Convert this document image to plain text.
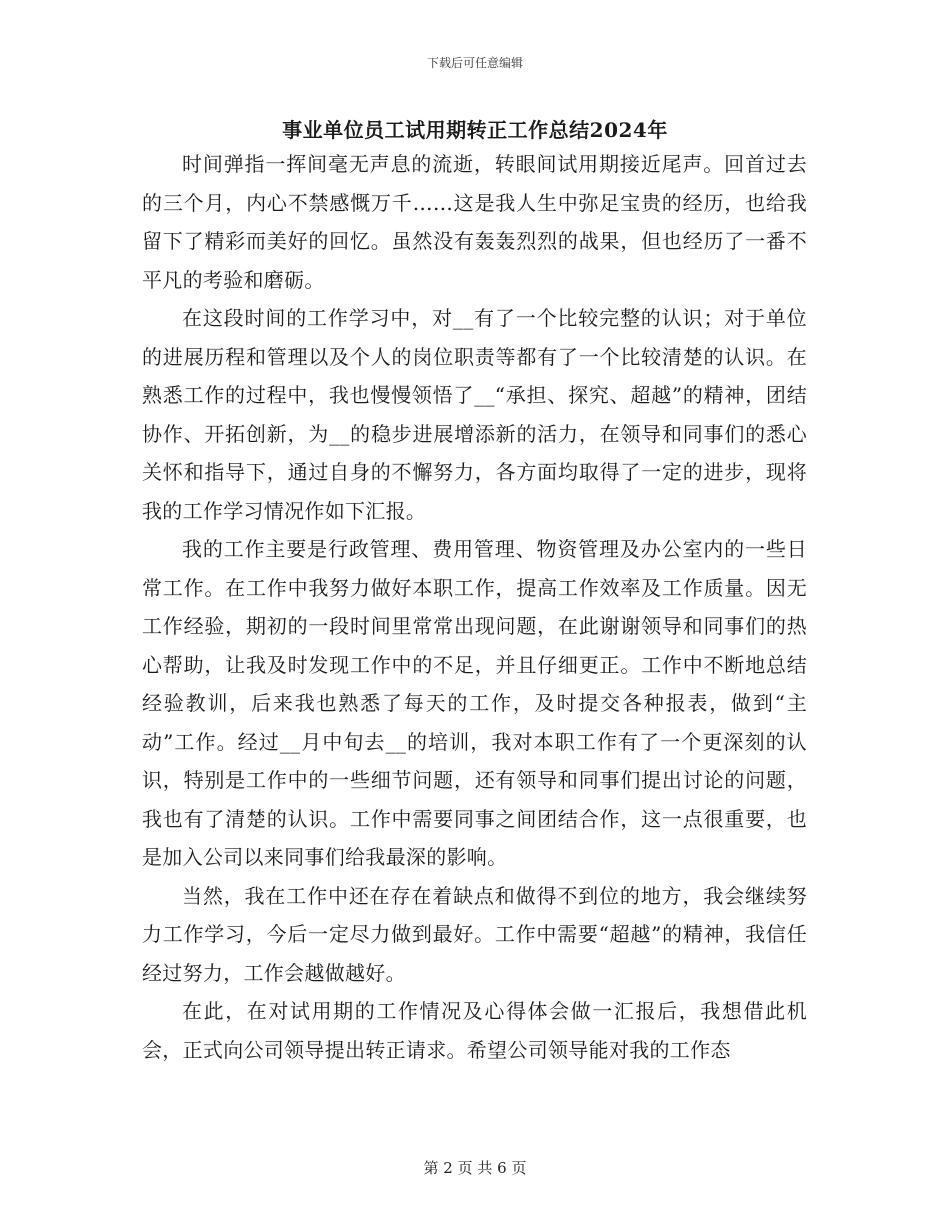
下载后可任意编辑
事业单位员工试用期转正工作总结2024年

时间弹指一挥间毫无声息的流逝，转眼间试用期接近尾声。回首过去的三个月，内心不禁感慨万千……这是我人生中弥足宝贵的经历，也给我留下了精彩而美好的回忆。虽然没有轰轰烈烈的战果，但也经历了一番不平凡的考验和磨砺。

在这段时间的工作学习中，对__有了一个比较完整的认识；对于单位的进展历程和管理以及个人的岗位职责等都有了一个比较清楚的认识。在熟悉工作的过程中，我也慢慢领悟了__“承担、探究、超越”的精神，团结协作、开拓创新，为__的稳步进展增添新的活力，在领导和同事们的悉心关怀和指导下，通过自身的不懈努力，各方面均取得了一定的进步，现将我的工作学习情况作如下汇报。

我的工作主要是行政管理、费用管理、物资管理及办公室内的一些日常工作。在工作中我努力做好本职工作，提高工作效率及工作质量。因无工作经验，期初的一段时间里常常出现问题，在此谢谢领导和同事们的热心帮助，让我及时发现工作中的不足，并且仔细更正。工作中不断地总结经验教训，后来我也熟悉了每天的工作，及时提交各种报表，做到“主动”工作。经过__月中旬去__的培训，我对本职工作有了一个更深刻的认识，特别是工作中的一些细节问题，还有领导和同事们提出讨论的问题，我也有了清楚的认识。工作中需要同事之间团结合作，这一点很重要，也是加入公司以来同事们给我最深的影响。

当然，我在工作中还在存在着缺点和做得不到位的地方，我会继续努力工作学习，今后一定尽力做到最好。工作中需要“超越”的精神，我信任经过努力，工作会越做越好。

在此，在对试用期的工作情况及心得体会做一汇报后，我想借此机会，正式向公司领导提出转正请求。希望公司领导能对我的工作态

第 2 页 共 6 页
